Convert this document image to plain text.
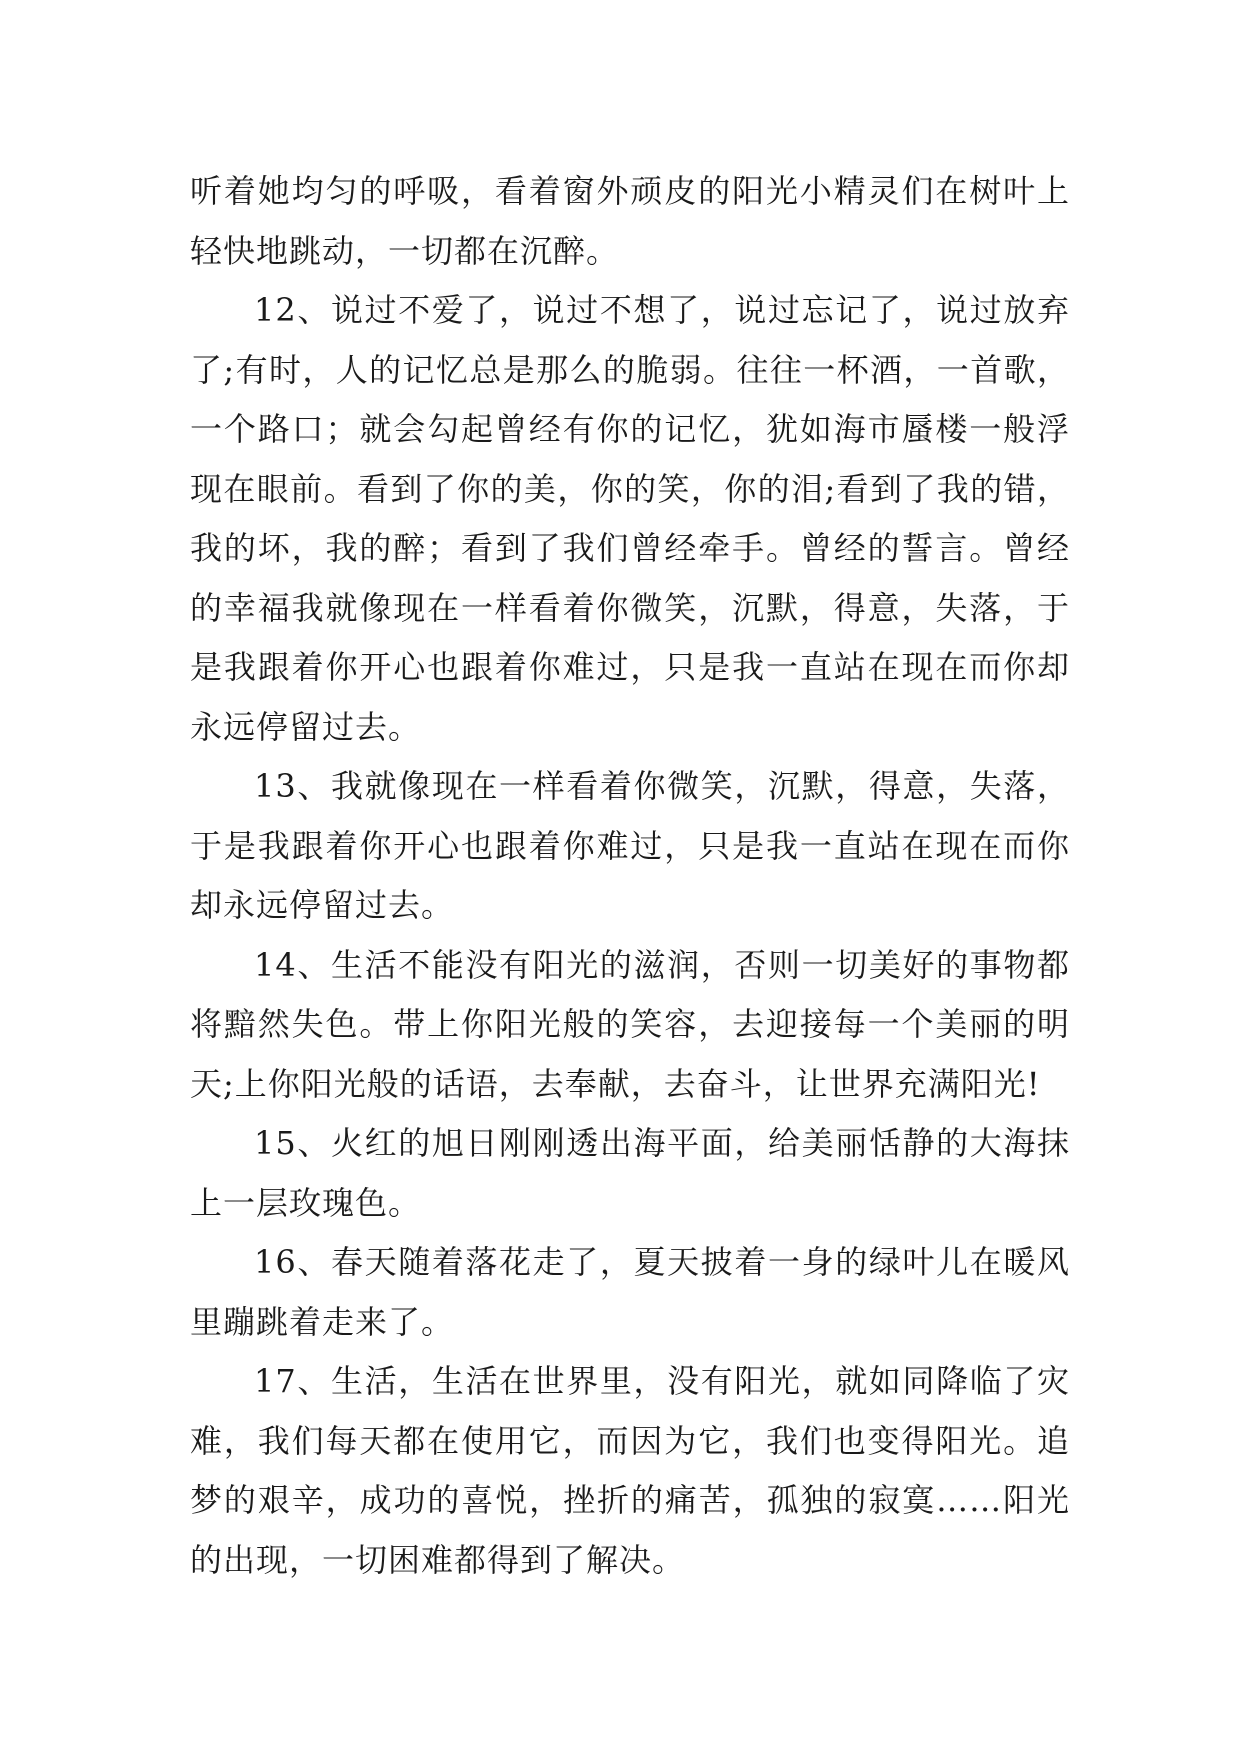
听着她均匀的呼吸，看着窗外顽皮的阳光小精灵们在树叶上轻快地跳动，一切都在沉醉。

12、说过不爱了，说过不想了，说过忘记了，说过放弃了;有时，人的记忆总是那么的脆弱。往往一杯酒，一首歌，一个路口；就会勾起曾经有你的记忆，犹如海市蜃楼一般浮现在眼前。看到了你的美，你的笑，你的泪;看到了我的错，我的坏，我的醉；看到了我们曾经牵手。曾经的誓言。曾经的幸福我就像现在一样看着你微笑，沉默，得意，失落，于是我跟着你开心也跟着你难过，只是我一直站在现在而你却永远停留过去。

13、我就像现在一样看着你微笑，沉默，得意，失落，于是我跟着你开心也跟着你难过，只是我一直站在现在而你却永远停留过去。

14、生活不能没有阳光的滋润，否则一切美好的事物都将黯然失色。带上你阳光般的笑容，去迎接每一个美丽的明天;上你阳光般的话语，去奉献，去奋斗，让世界充满阳光!

15、火红的旭日刚刚透出海平面，给美丽恬静的大海抹上一层玫瑰色。

16、春天随着落花走了，夏天披着一身的绿叶儿在暖风里蹦跳着走来了。

17、生活，生活在世界里，没有阳光，就如同降临了灾难，我们每天都在使用它，而因为它，我们也变得阳光。追梦的艰辛，成功的喜悦，挫折的痛苦，孤独的寂寞……阳光的出现，一切困难都得到了解决。
